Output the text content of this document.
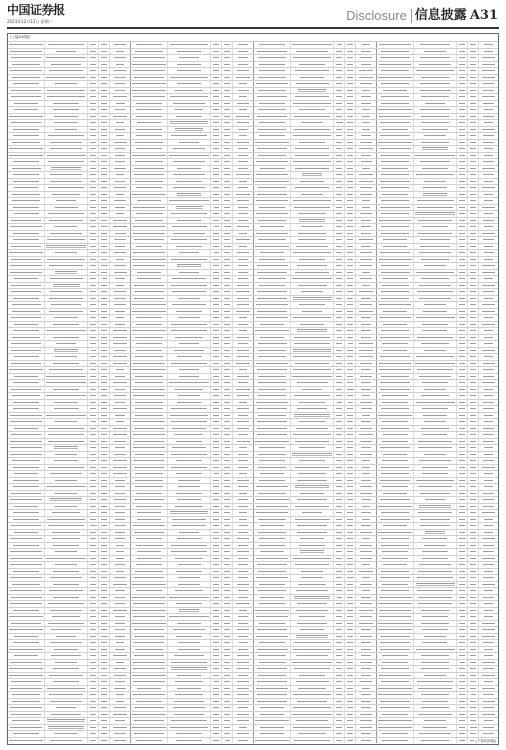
中国证券报
2023年12月12日 星期二	Disclosure 信息披露 A31
(上接A30版)
(下转A32版)
